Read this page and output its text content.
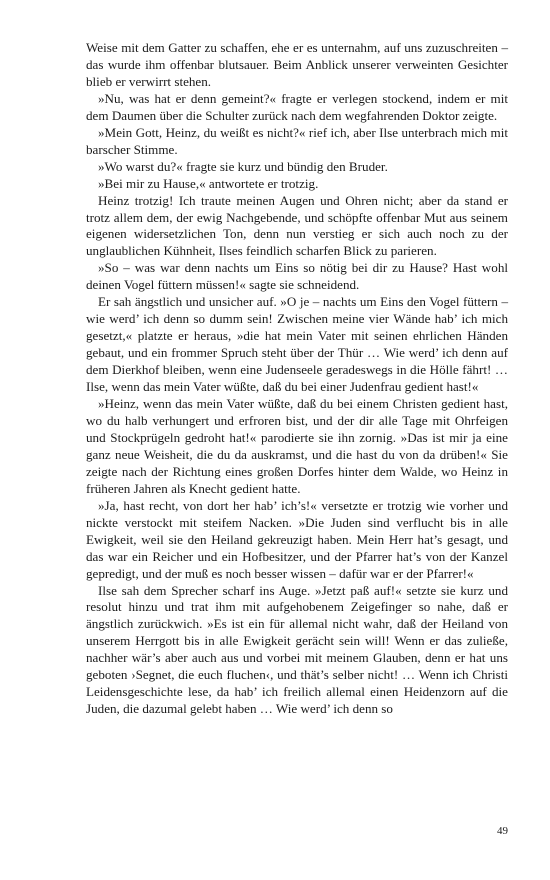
Weise mit dem Gatter zu schaffen, ehe er es unternahm, auf uns zuzuschreiten – das wurde ihm offenbar blutsauer. Beim Anblick unserer verweinten Gesichter blieb er verwirrt stehen.

»Nu, was hat er denn gemeint?« fragte er verlegen stockend, indem er mit dem Daumen über die Schulter zurück nach dem wegfahrenden Doktor zeigte.

»Mein Gott, Heinz, du weißt es nicht?« rief ich, aber Ilse unterbrach mich mit barscher Stimme.

»Wo warst du?« fragte sie kurz und bündig den Bruder.

»Bei mir zu Hause,« antwortete er trotzig.

Heinz trotzig! Ich traute meinen Augen und Ohren nicht; aber da stand er trotz allem dem, der ewig Nachgebende, und schöpfte offenbar Mut aus seinem eigenen widersetzlichen Ton, denn nun verstieg er sich auch noch zu der unglaublichen Kühnheit, Ilses feindlich scharfen Blick zu parieren.

»So – was war denn nachts um Eins so nötig bei dir zu Hause? Hast wohl deinen Vogel füttern müssen!« sagte sie schneidend.

Er sah ängstlich und unsicher auf. »O je – nachts um Eins den Vogel füttern – wie werd’ ich denn so dumm sein! Zwischen meine vier Wände hab’ ich mich gesetzt,« platzte er heraus, »die hat mein Vater mit seinen ehrlichen Händen gebaut, und ein frommer Spruch steht über der Thür … Wie werd’ ich denn auf dem Dierkhof bleiben, wenn eine Judenseele geradeswegs in die Hölle fährt! … Ilse, wenn das mein Vater wüßte, daß du bei einer Judenfrau gedient hast!«

»Heinz, wenn das mein Vater wüßte, daß du bei einem Christen gedient hast, wo du halb verhungert und erfroren bist, und der dir alle Tage mit Ohrfeigen und Stockprügeln gedroht hat!« parodierte sie ihn zornig. »Das ist mir ja eine ganz neue Weisheit, die du da auskramst, und die hast du von da drüben!« Sie zeigte nach der Richtung eines großen Dorfes hinter dem Walde, wo Heinz in früheren Jahren als Knecht gedient hatte.

»Ja, hast recht, von dort her hab’ ich’s!« versetzte er trotzig wie vorher und nickte verstockt mit steifem Nacken. »Die Juden sind verflucht bis in alle Ewigkeit, weil sie den Heiland gekreuzigt haben. Mein Herr hat’s gesagt, und das war ein Reicher und ein Hofbesitzer, und der Pfarrer hat’s von der Kanzel gepredigt, und der muß es noch besser wissen – dafür war er der Pfarrer!«

Ilse sah dem Sprecher scharf ins Auge. »Jetzt paß auf!« setzte sie kurz und resolut hinzu und trat ihm mit aufgehobenem Zeigefinger so nahe, daß er ängstlich zurückwich. »Es ist ein für allemal nicht wahr, daß der Heiland von unserem Herrgott bis in alle Ewigkeit gerächt sein will! Wenn er das zuließe, nachher wär’s aber auch aus und vorbei mit meinem Glauben, denn er hat uns geboten ›Segnet, die euch fluchen‹, und thät’s selber nicht! … Wenn ich Christi Leidensgeschichte lese, da hab’ ich freilich allemal einen Heidenzorn auf die Juden, die dazumal gelebt haben … Wie werd’ ich denn so

49
